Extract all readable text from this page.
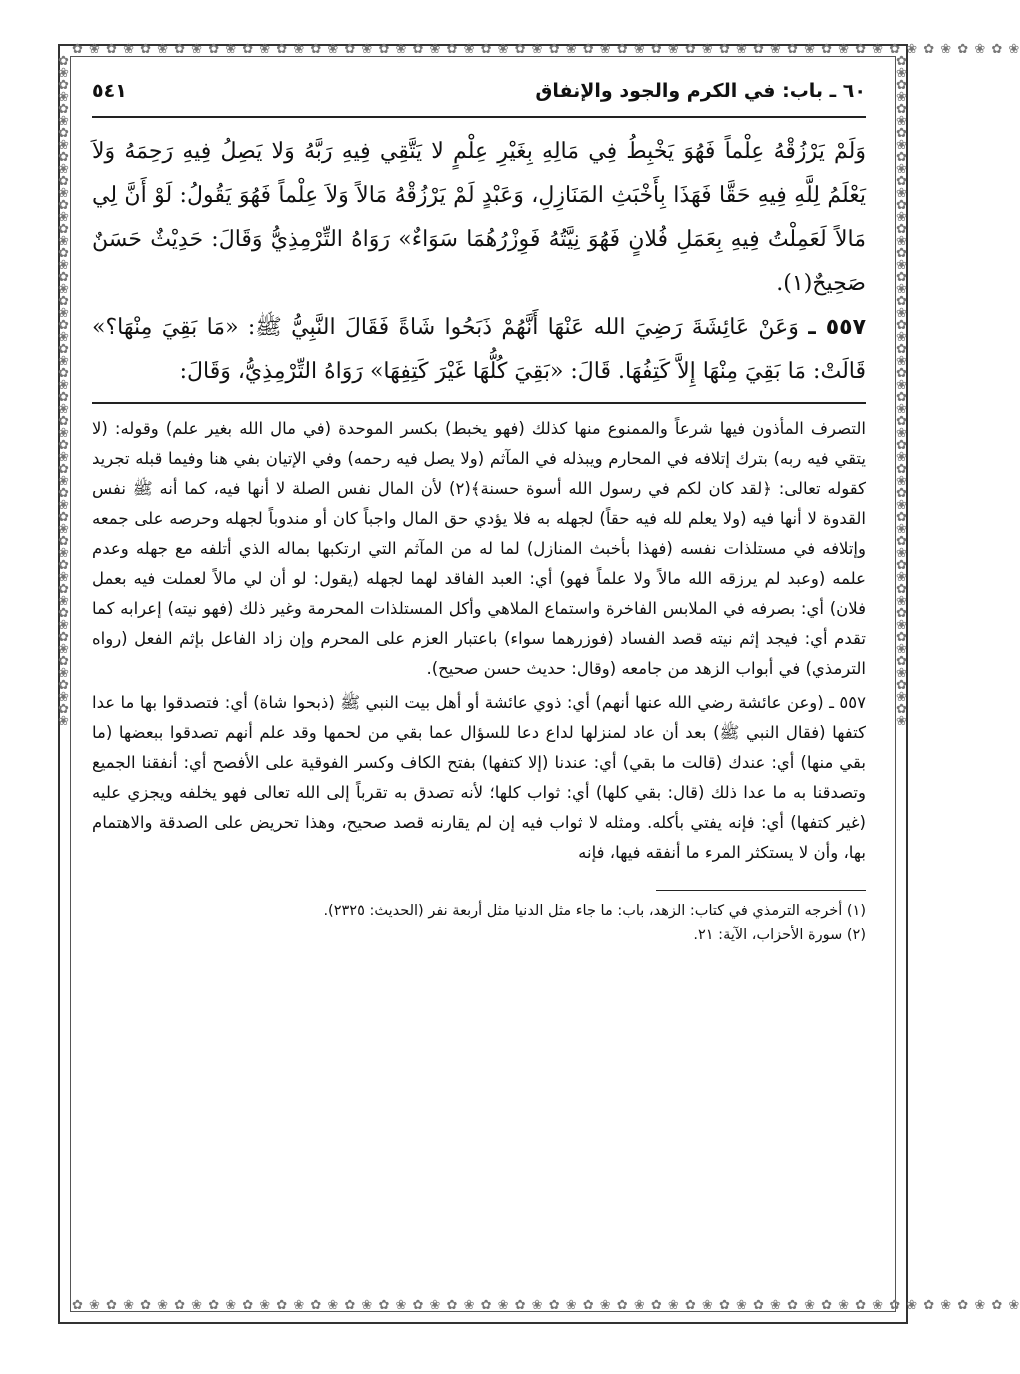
✿ ❀ ✿ ❀ ✿ ❀ ✿ ❀ ✿ ❀ ✿ ❀ ✿ ❀ ✿ ❀ ✿ ❀ ✿ ❀ ✿ ❀ ✿ ❀ ✿ ❀ ✿ ❀ ✿ ❀ ✿ ❀ ✿ ❀ ✿ ❀ ✿ ❀ ✿ ❀ ✿ ❀ ✿ ❀ ✿ ❀ ✿ ❀ ✿ ❀ ✿ ❀ ✿ ❀ ✿ ❀
✿ ❀ ✿ ❀ ✿ ❀ ✿ ❀ ✿ ❀ ✿ ❀ ✿ ❀ ✿ ❀ ✿ ❀ ✿ ❀ ✿ ❀ ✿ ❀ ✿ ❀ ✿ ❀ ✿ ❀ ✿ ❀ ✿ ❀ ✿ ❀ ✿ ❀ ✿ ❀ ✿ ❀ ✿ ❀ ✿ ❀ ✿ ❀ ✿ ❀ ✿ ❀ ✿ ❀ ✿ ❀
✿ ❀ ✿ ❀ ✿ ❀ ✿ ❀ ✿ ❀ ✿ ❀ ✿ ❀ ✿ ❀ ✿ ❀ ✿ ❀ ✿ ❀ ✿ ❀ ✿ ❀ ✿ ❀ ✿ ❀ ✿ ❀ ✿ ❀ ✿ ❀ ✿ ❀ ✿ ❀ ✿ ❀ ✿ ❀ ✿ ❀ ✿ ❀ ✿ ❀ ✿ ❀ ✿ ❀ ✿ ❀
✿ ❀ ✿ ❀ ✿ ❀ ✿ ❀ ✿ ❀ ✿ ❀ ✿ ❀ ✿ ❀ ✿ ❀ ✿ ❀ ✿ ❀ ✿ ❀ ✿ ❀ ✿ ❀ ✿ ❀ ✿ ❀ ✿ ❀ ✿ ❀ ✿ ❀ ✿ ❀ ✿ ❀ ✿ ❀ ✿ ❀ ✿ ❀ ✿ ❀ ✿ ❀ ✿ ❀ ✿ ❀
٦٠ ـ باب: في الكرم والجود والإنفاق
٥٤١

وَلَمْ يَرْزُقْهُ عِلْماً فَهُوَ يَخْبِطُ فِي مَالِهِ بِغَيْرِ عِلْمٍ لا يَتَّقِي فِيهِ رَبَّهُ وَلا يَصِلُ فِيهِ رَحِمَهُ وَلاَ يَعْلَمُ لِلَّهِ فِيهِ حَقَّا فَهَذَا بِأَخْبَثِ المَنَازِلِ، وَعَبْدٍ لَمْ يَرْزُقْهُ مَالاً وَلاَ عِلْماً فَهُوَ يَقُولُ: لَوْ أَنَّ لِي مَالاً لَعَمِلْتُ فِيهِ بِعَمَلِ فُلانٍ فَهُوَ نِيَّتُهُ فَوِزْرُهُمَا سَوَاءٌ» رَوَاهُ التِّرْمِذِيُّ وَقَالَ: حَدِيْثٌ حَسَنٌ صَحِيحٌ(١).

٥٥٧ ـ وَعَنْ عَائِشَةَ رَضِيَ الله عَنْهَا أَنَّهُمْ ذَبَحُوا شَاةً فَقَالَ النَّبِيُّ ﷺ: «مَا بَقِيَ مِنْهَا؟» قَالَتْ: مَا بَقِيَ مِنْهَا إِلاَّ كَتِفُهَا. قَالَ: «بَقِيَ كُلُّهَا غَيْرَ كَتِفِهَا» رَوَاهُ التِّرْمِذِيُّ، وَقَالَ:

التصرف المأذون فيها شرعاً والممنوع منها كذلك (فهو يخبط) بكسر الموحدة (في مال الله بغير علم) وقوله: (لا يتقي فيه ربه) بترك إتلافه في المحارم ويبذله في المآثم (ولا يصل فيه رحمه) وفي الإتيان بفي هنا وفيما قبله تجريد كقوله تعالى: ﴿لقد كان لكم في رسول الله أسوة حسنة﴾(٢) لأن المال نفس الصلة لا أنها فيه، كما أنه ﷺ نفس القدوة لا أنها فيه (ولا يعلم لله فيه حقاً) لجهله به فلا يؤدي حق المال واجباً كان أو مندوباً لجهله وحرصه على جمعه وإتلافه في مستلذات نفسه (فهذا بأخبث المنازل) لما له من المآثم التي ارتكبها بماله الذي أتلفه مع جهله وعدم علمه (وعبد لم يرزقه الله مالاً ولا علماً فهو) أي: العبد الفاقد لهما لجهله (يقول: لو أن لي مالاً لعملت فيه بعمل فلان) أي: بصرفه في الملابس الفاخرة واستماع الملاهي وأكل المستلذات المحرمة وغير ذلك (فهو نيته) إعرابه كما تقدم أي: فيجد إثم نيته قصد الفساد (فوزرهما سواء) باعتبار العزم على المحرم وإن زاد الفاعل بإثم الفعل (رواه الترمذي) في أبواب الزهد من جامعه (وقال: حديث حسن صحيح).

٥٥٧ ـ (وعن عائشة رضي الله عنها أنهم) أي: ذوي عائشة أو أهل بيت النبي ﷺ (ذبحوا شاة) أي: فتصدقوا بها ما عدا كتفها (فقال النبي ﷺ) بعد أن عاد لمنزلها لداع دعا للسؤال عما بقي من لحمها وقد علم أنهم تصدقوا ببعضها (ما بقي منها) أي: عندك (قالت ما بقي) أي: عندنا (إلا كتفها) بفتح الكاف وكسر الفوقية على الأفصح أي: أنفقنا الجميع وتصدقنا به ما عدا ذلك (قال: بقي كلها) أي: ثواب كلها؛ لأنه تصدق به تقرباً إلى الله تعالى فهو يخلفه ويجزي عليه (غير كتفها) أي: فإنه يفتي بأكله. ومثله لا ثواب فيه إن لم يقارنه قصد صحيح، وهذا تحريض على الصدقة والاهتمام بها، وأن لا يستكثر المرء ما أنفقه فيها، فإنه

(١) أخرجه الترمذي في كتاب: الزهد، باب: ما جاء مثل الدنيا مثل أربعة نفر (الحديث: ٢٣٢٥).

(٢) سورة الأحزاب، الآية: ٢١.
